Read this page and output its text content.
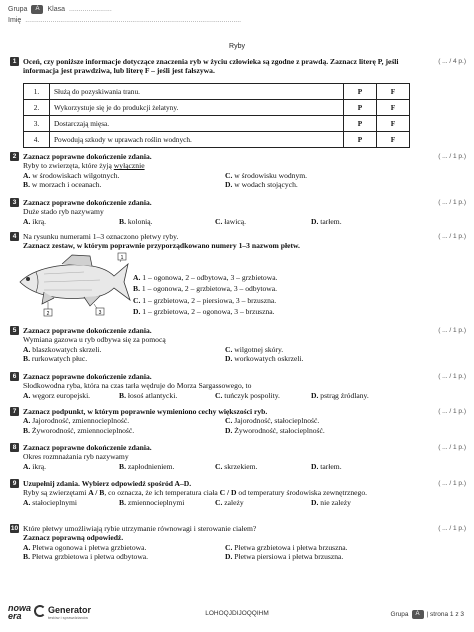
Grupa	A	Klasa ......................
Imię ...............................................................................................................
Ryby
1 Oceń, czy poniższe informacje dotyczące znaczenia ryb w życiu człowieka są zgodne z prawdą. Zaznacz literę P, jeśli informacja jest prawdziwa, lub literę F – jeśli jest fałszywa.
( ... / 4 p.)
1.	Służą do pozyskiwania tranu.	P	F
2.	Wykorzystuje się je do produkcji żelatyny.	P	F
3.	Dostarczają mięsa.	P	F
4.	Powodują szkody w uprawach roślin wodnych.	P	F
2 Zaznacz poprawne dokończenie zdania.
Ryby to zwierzęta, które żyją wyłącznie
A. w środowiskach wilgotnych.	C. w środowisku wodnym.
B. w morzach i oceanach.	D. w wodach stojących.
( ... / 1 p.)
3 Zaznacz poprawne dokończenie zdania.
Duże stado ryb nazywamy
A. ikrą.	B. kolonią.	C. ławicą.	D. tarłem.
( ... / 1 p.)
4 Na rysunku numerami 1–3 oznaczono płetwy ryby.
Zaznacz zestaw, w którym poprawnie przyporządkowano numery 1–3 nazwom płetw.
( ... / 1 p.)
1
2	3
A. 1 – ogonowa, 2 – odbytowa, 3 – grzbietowa.
B. 1 – ogonowa, 2 – grzbietowa, 3 – odbytowa.
C. 1 – grzbietowa, 2 – piersiowa, 3 – brzuszna.
D. 1 – grzbietowa, 2 – ogonowa, 3 – brzuszna.
5 Zaznacz poprawne dokończenie zdania.
Wymiana gazowa u ryb odbywa się za pomocą
A. blaszkowatych skrzeli.	C. wilgotnej skóry.
B. rurkowatych płuc.	D. workowatych oskrzeli.
( ... / 1 p.)
6 Zaznacz poprawne dokończenie zdania.
Słodkowodna ryba, która na czas tarła wędruje do Morza Sargassowego, to
A. węgorz europejski.	B. łosoś atlantycki.	C. tuńczyk pospolity.	D. pstrąg źródlany.
( ... / 1 p.)
7 Zaznacz podpunkt, w którym poprawnie wymieniono cechy większości ryb.
A. Jajorodność, zmiennocieplność.	C. Jajorodność, stałocieplność.
B. Żyworodność, zmiennocieplność.	D. Żyworodność, stałocieplność.
( ... / 1 p.)
8 Zaznacz poprawne dokończenie zdania.
Okres rozmnażania ryb nazywamy
A. ikrą.	B. zapłodnieniem.	C. skrzekiem.	D. tarłem.
( ... / 1 p.)
9 Uzupełnij zdania. Wybierz odpowiedź spośród A–D.
Ryby są zwierzętami A / B, co oznacza, że ich temperatura ciała C / D od temperatury środowiska zewnętrznego.
A. stałocieplnymi	B. zmiennocieplnymi	C. zależy	D. nie zależy
( ... / 1 p.)
10 Które płetwy umożliwiają rybie utrzymanie równowagi i sterowanie ciałem?
Zaznacz poprawną odpowiedź.
A. Płetwa ogonowa i płetwa grzbietowa.	C. Płetwa grzbietowa i płetwa brzuszna.
B. Płetwa grzbietowa i płetwa odbytowa.	D. Płetwa piersiowa i płetwa brzuszna.
( ... / 1 p.)
nowa
era
Generator
testów i sprawdzianów
LOHOQJDIJOQQIHM	Grupa	A	| strona 1 z 3
